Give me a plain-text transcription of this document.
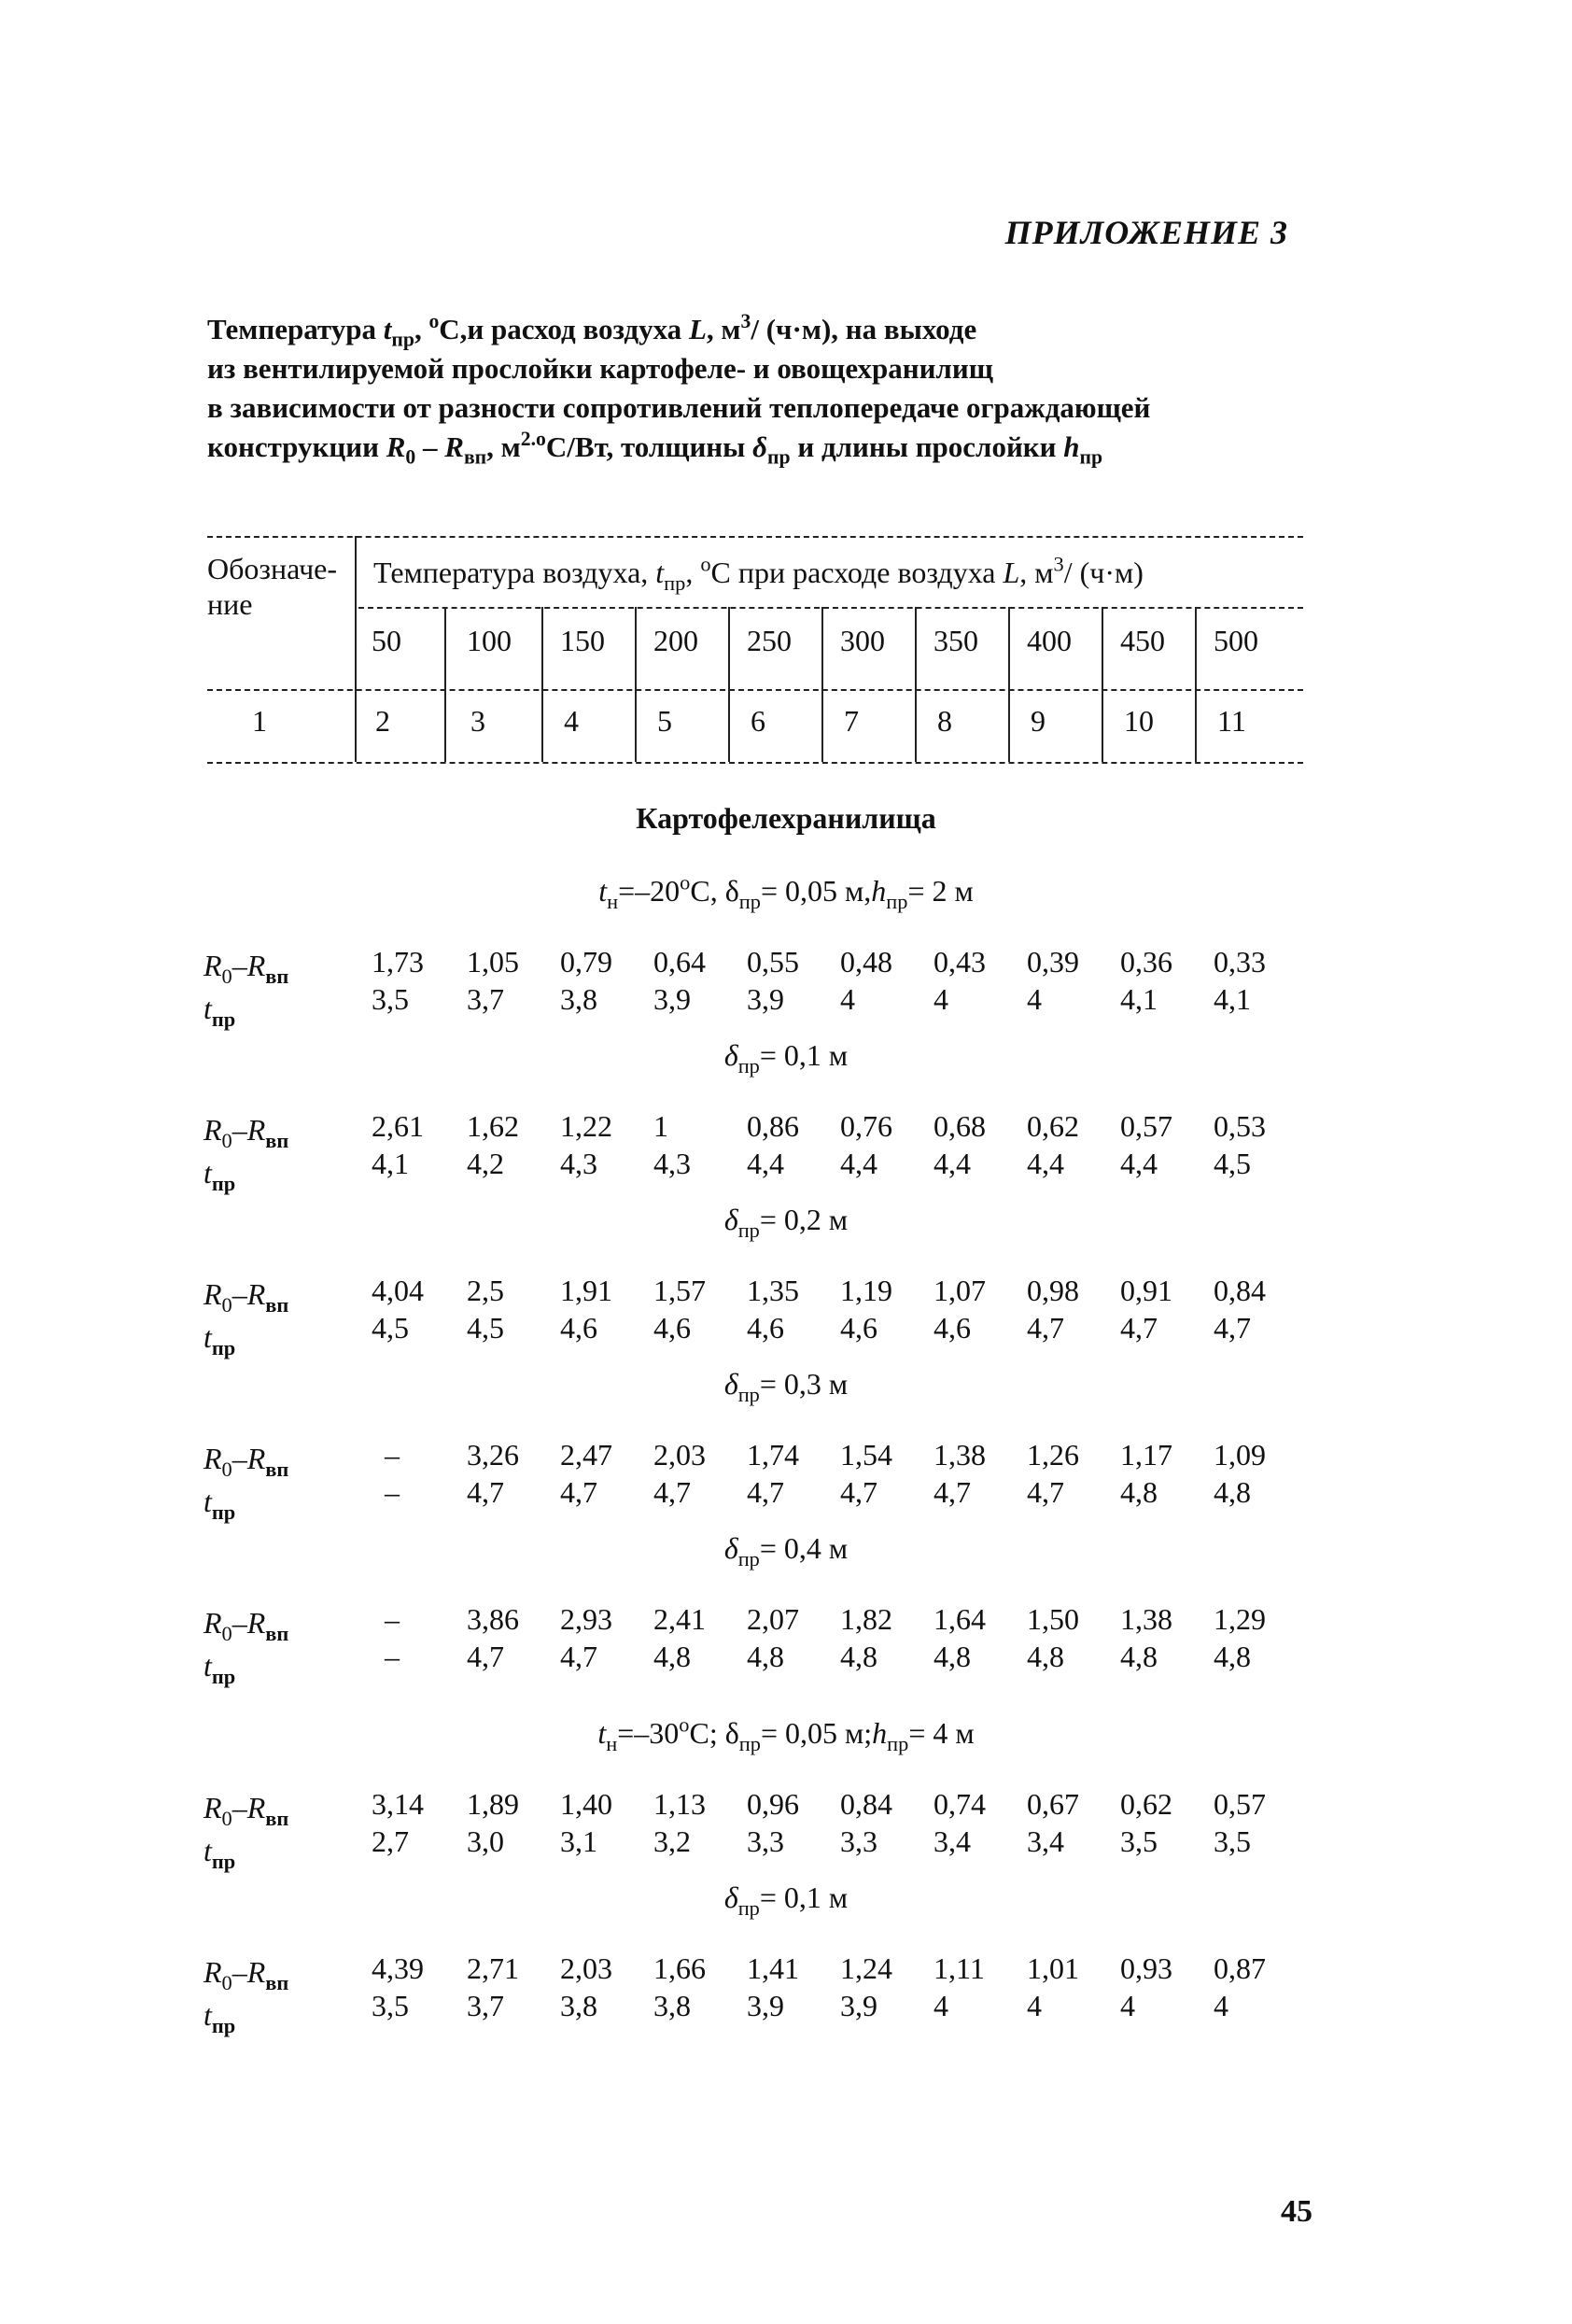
ПРИЛОЖЕНИЕ 3
Температура $t_{пр}$, $^o$С,и расход воздуха L, $м^3/$ (ч·м), на выходе
из вентилируемой прослойки картофеле- и овощехранилищ
в зависимости от разности сопротивлений теплопередаче ограждающей
конструкции $R_0 - R_{вп}$, $м^{2.o}С/Вт$, толщины $\delta_{пр}$ и длины прослойки $h_{пр}$
Обозначе-
ние
Температура воздуха, $t_{пр}$, $^o$С при расходе воздуха L, $м^3/$ (ч·м)
50 100 150 200 250 300 350 400 450 500
1	2	3	4	5	6	7	8	9	10 11
Картофелехранилища
$t_н=-20^oС$, $\delta_{пр}= 0,05$ $м,h_{пр}= 2$ м
$R_0-R_{вп}$
$t_{пр}$
1,73 1,05 0,79 0,64 0,55 0,48 0,43 0,39 0,36 0,33
3,5 3,7 3,8 3,9 3,9 4	4	4	4,1 4,1
$\delta_{пр}= 0,1$ м
$R_0-R_{вп}$
$t_{пр}$
2,61 1,62 1,22 1	0,86 0,76 0,68 0,62 0,57 0,53
4,1 4,2 4,3 4,3 4,4 4,4 4,4 4,4 4,4 4,5
$\delta_{пр}= 0,2$ м
$R_0-R_{вп}$
$t_{пр}$
4,04 2,5 1,91 1,57 1,35 1,19 1,07 0,98 0,91 0,84
4,5 4,5 4,6 4,6 4,6 4,6 4,6 4,7 4,7 4,7
$\delta_{пр}= 0,3$ м
$R_0-R_{вп}$
$t_{пр}$
– 3,26 2,47 2,03 1,74 1,54 1,38 1,26 1,17 1,09
– 4,7 4,7 4,7 4,7 4,7 4,7 4,7 4,8 4,8
$\delta_{пр}= 0,4$ м
$R_0-R_{вп}$
$t_{пр}$
– 3,86 2,93 2,41 2,07 1,82 1,64 1,50 1,38 1,29
– 4,7 4,7 4,8 4,8 4,8 4,8 4,8 4,8 4,8
$t_н=-30^oС$; $\delta_{пр}= 0,05$ $м;h_{пр}= 4$ м
$R_0-R_{вп}$
$t_{пр}$
3,14 1,89 1,40 1,13 0,96 0,84 0,74 0,67 0,62 0,57
2,7 3,0 3,1 3,2 3,3 3,3 3,4 3,4 3,5 3,5
$\delta_{пр}= 0,1$ м
$R_0-R_{вп}$
$t_{пр}$
4,39 2,71 2,03 1,66 1,41 1,24 1,11 1,01 0,93 0,87
3,5 3,7 3,8 3,8 3,9 3,9 4	4	4	4
45
